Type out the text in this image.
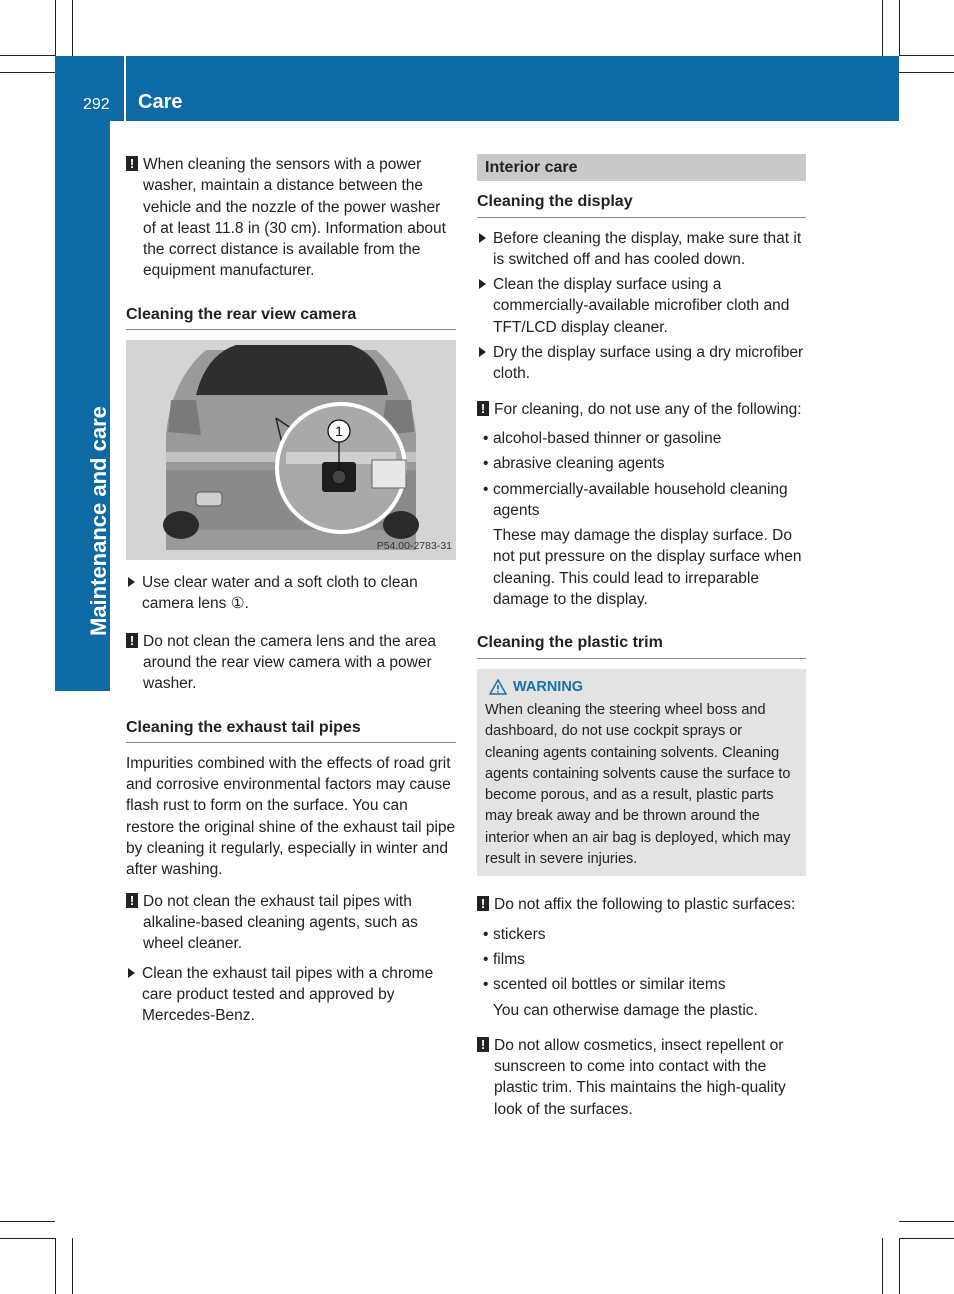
292 Care
Maintenance and care
! When cleaning the sensors with a power washer, maintain a distance between the vehicle and the nozzle of the power washer of at least 11.8 in (30 cm). Information about the correct distance is available from the equipment manufacturer.

Cleaning the rear view camera
1
P54.00-2783-31

Use clear water and a soft cloth to clean camera lens ①.

! Do not clean the camera lens and the area around the rear view camera with a power washer.

Cleaning the exhaust tail pipes

Impurities combined with the effects of road grit and corrosive environmental factors may cause flash rust to form on the surface. You can restore the original shine of the exhaust tail pipe by cleaning it regularly, especially in winter and after washing.

! Do not clean the exhaust tail pipes with alkaline-based cleaning agents, such as wheel cleaner.

Clean the exhaust tail pipes with a chrome care product tested and approved by Mercedes-Benz.

Interior care
Cleaning the display

Before cleaning the display, make sure that it is switched off and has cooled down.

Clean the display surface using a commercially-available microfiber cloth and TFT/LCD display cleaner.

Dry the display surface using a dry microfiber cloth.

! For cleaning, do not use any of the following:

• alcohol-based thinner or gasoline

• abrasive cleaning agents

• commercially-available household cleaning agents

These may damage the display surface. Do not put pressure on the display surface when cleaning. This could lead to irreparable damage to the display.

Cleaning the plastic trim
WARNING

When cleaning the steering wheel boss and dashboard, do not use cockpit sprays or cleaning agents containing solvents. Cleaning agents containing solvents cause the surface to become porous, and as a result, plastic parts may break away and be thrown around the interior when an air bag is deployed, which may result in severe injuries.

! Do not affix the following to plastic surfaces:

• stickers

• films

• scented oil bottles or similar items

You can otherwise damage the plastic.

! Do not allow cosmetics, insect repellent or sunscreen to come into contact with the plastic trim. This maintains the high-quality look of the surfaces.
